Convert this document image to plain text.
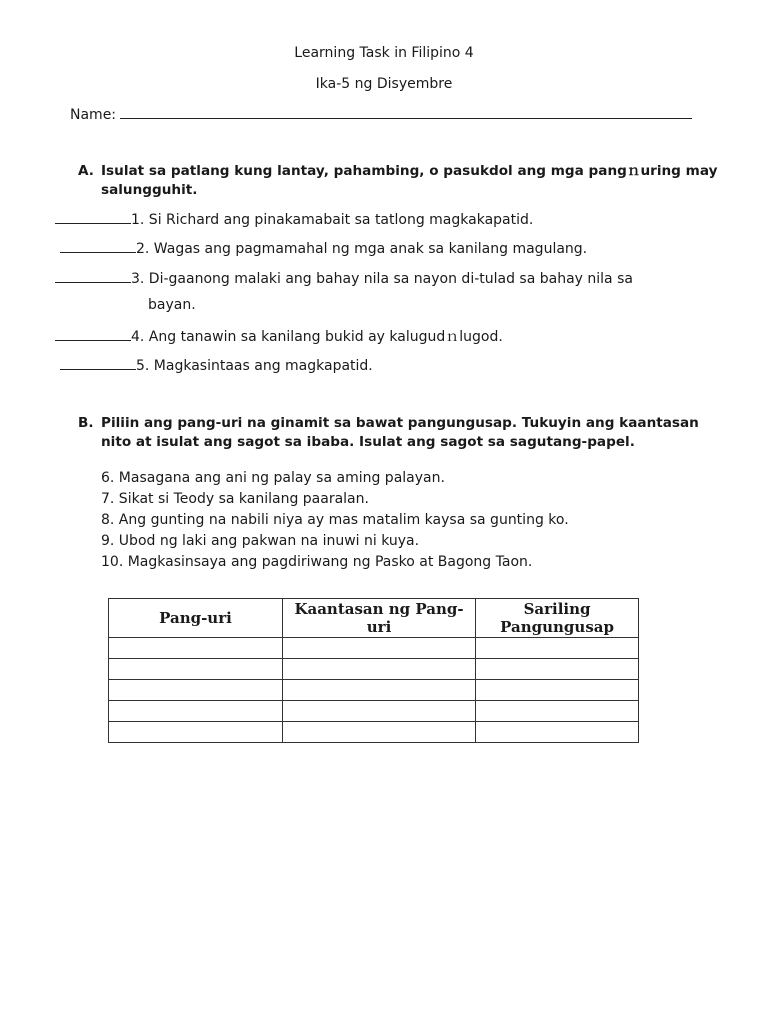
Learning Task in Filipino 4
Ika-5 ng Disyembre
Name:
A. Isulat sa patlang kung lantay, pahambing, o pasukdol ang mga pangｎuring may
salungguhit.
1. Si Richard ang pinakamabait sa tatlong magkakapatid.
2. Wagas ang pagmamahal ng mga anak sa kanilang magulang.
3. Di-gaanong malaki ang bahay nila sa nayon di-tulad sa bahay nila sa
bayan.
4. Ang tanawin sa kanilang bukid ay kalugudｎlugod.
5. Magkasintaas ang magkapatid.
B. Piliin ang pang-uri na ginamit sa bawat pangungusap. Tukuyin ang kaantasan
nito at isulat ang sagot sa ibaba. Isulat ang sagot sa sagutang-papel.
6. Masagana ang ani ng palay sa aming palayan.
7. Sikat si Teody sa kanilang paaralan.
8. Ang gunting na nabili niya ay mas matalim kaysa sa gunting ko.
9. Ubod ng laki ang pakwan na inuwi ni kuya.
10. Magkasinsaya ang pagdiriwang ng Pasko at Bagong Taon.
Pang-uri	Kaantasan ng Pang-uri	Sariling Pangungusap
